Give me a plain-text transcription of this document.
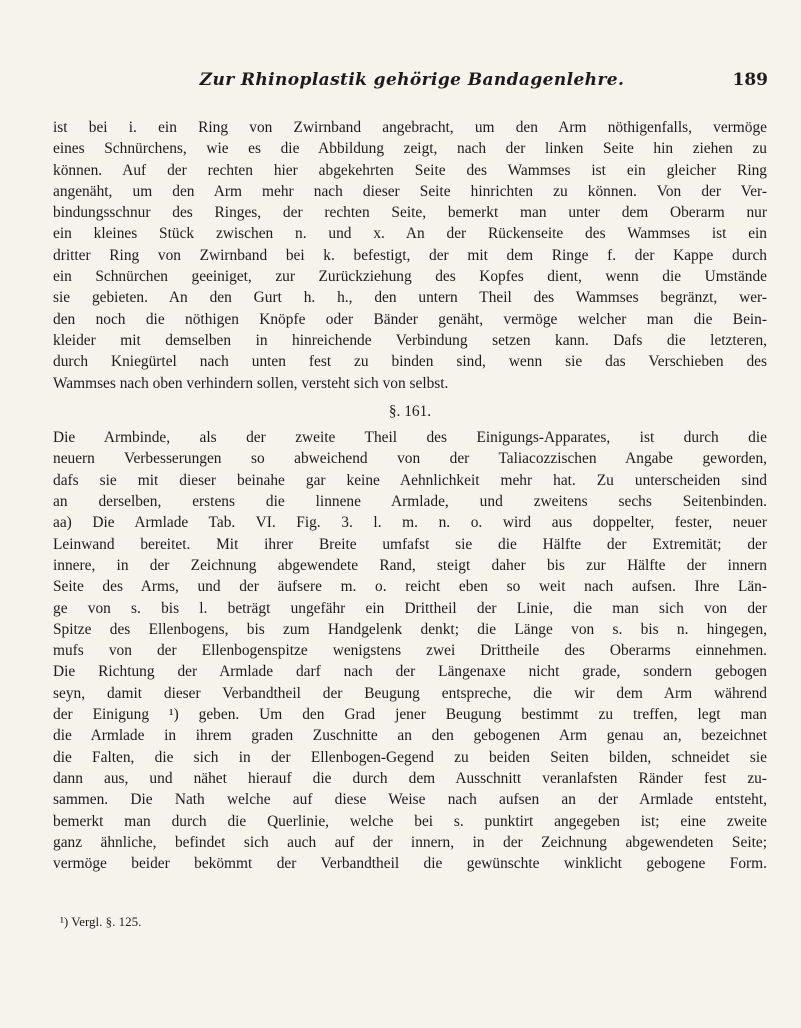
Zur Rhinoplastik gehörige Bandagenlehre.	189
ist bei i. ein Ring von Zwirnband angebracht, um den Arm nöthigenfalls, vermöge
eines Schnürchens, wie es die Abbildung zeigt, nach der linken Seite hin ziehen zu
können. Auf der rechten hier abgekehrten Seite des Wammses ist ein gleicher Ring
angenäht, um den Arm mehr nach dieser Seite hinrichten zu können. Von der Ver-
bindungsschnur des Ringes, der rechten Seite, bemerkt man unter dem Oberarm nur
ein kleines Stück zwischen n. und x. An der Rückenseite des Wammses ist ein
dritter Ring von Zwirnband bei k. befestigt, der mit dem Ringe f. der Kappe durch
ein Schnürchen geeiniget, zur Zurückziehung des Kopfes dient, wenn die Umstände
sie gebieten. An den Gurt h. h., den untern Theil des Wammses begränzt, wer-
den noch die nöthigen Knöpfe oder Bänder genäht, vermöge welcher man die Bein-
kleider mit demselben in hinreichende Verbindung setzen kann. Dafs die letzteren,
durch Kniegürtel nach unten fest zu binden sind, wenn sie das Verschieben des
Wammses nach oben verhindern sollen, versteht sich von selbst.
§. 161.
Die Armbinde, als der zweite Theil des Einigungs-Apparates, ist durch die
neuern Verbesserungen so abweichend von der Taliacozzischen Angabe geworden,
dafs sie mit dieser beinahe gar keine Aehnlichkeit mehr hat. Zu unterscheiden sind
an derselben, erstens die linnene Armlade, und zweitens sechs Seitenbinden.
aa) Die Armlade Tab. VI. Fig. 3. l. m. n. o. wird aus doppelter, fester, neuer
Leinwand bereitet. Mit ihrer Breite umfafst sie die Hälfte der Extremität; der
innere, in der Zeichnung abgewendete Rand, steigt daher bis zur Hälfte der innern
Seite des Arms, und der äufsere m. o. reicht eben so weit nach aufsen. Ihre Län-
ge von s. bis l. beträgt ungefähr ein Drittheil der Linie, die man sich von der
Spitze des Ellenbogens, bis zum Handgelenk denkt; die Länge von s. bis n. hingegen,
mufs von der Ellenbogenspitze wenigstens zwei Drittheile des Oberarms einnehmen.
Die Richtung der Armlade darf nach der Längenaxe nicht grade, sondern gebogen
seyn, damit dieser Verbandtheil der Beugung entspreche, die wir dem Arm während
der Einigung ¹) geben. Um den Grad jener Beugung bestimmt zu treffen, legt man
die Armlade in ihrem graden Zuschnitte an den gebogenen Arm genau an, bezeichnet
die Falten, die sich in der Ellenbogen-Gegend zu beiden Seiten bilden, schneidet sie
dann aus, und nähet hierauf die durch dem Ausschnitt veranlafsten Ränder fest zu-
sammen. Die Nath welche auf diese Weise nach aufsen an der Armlade entsteht,
bemerkt man durch die Querlinie, welche bei s. punktirt angegeben ist; eine zweite
ganz ähnliche, befindet sich auch auf der innern, in der Zeichnung abgewendeten Seite;
vermöge beider bekömmt der Verbandtheil die gewünschte winklicht gebogene Form.
¹) Vergl. §. 125.
